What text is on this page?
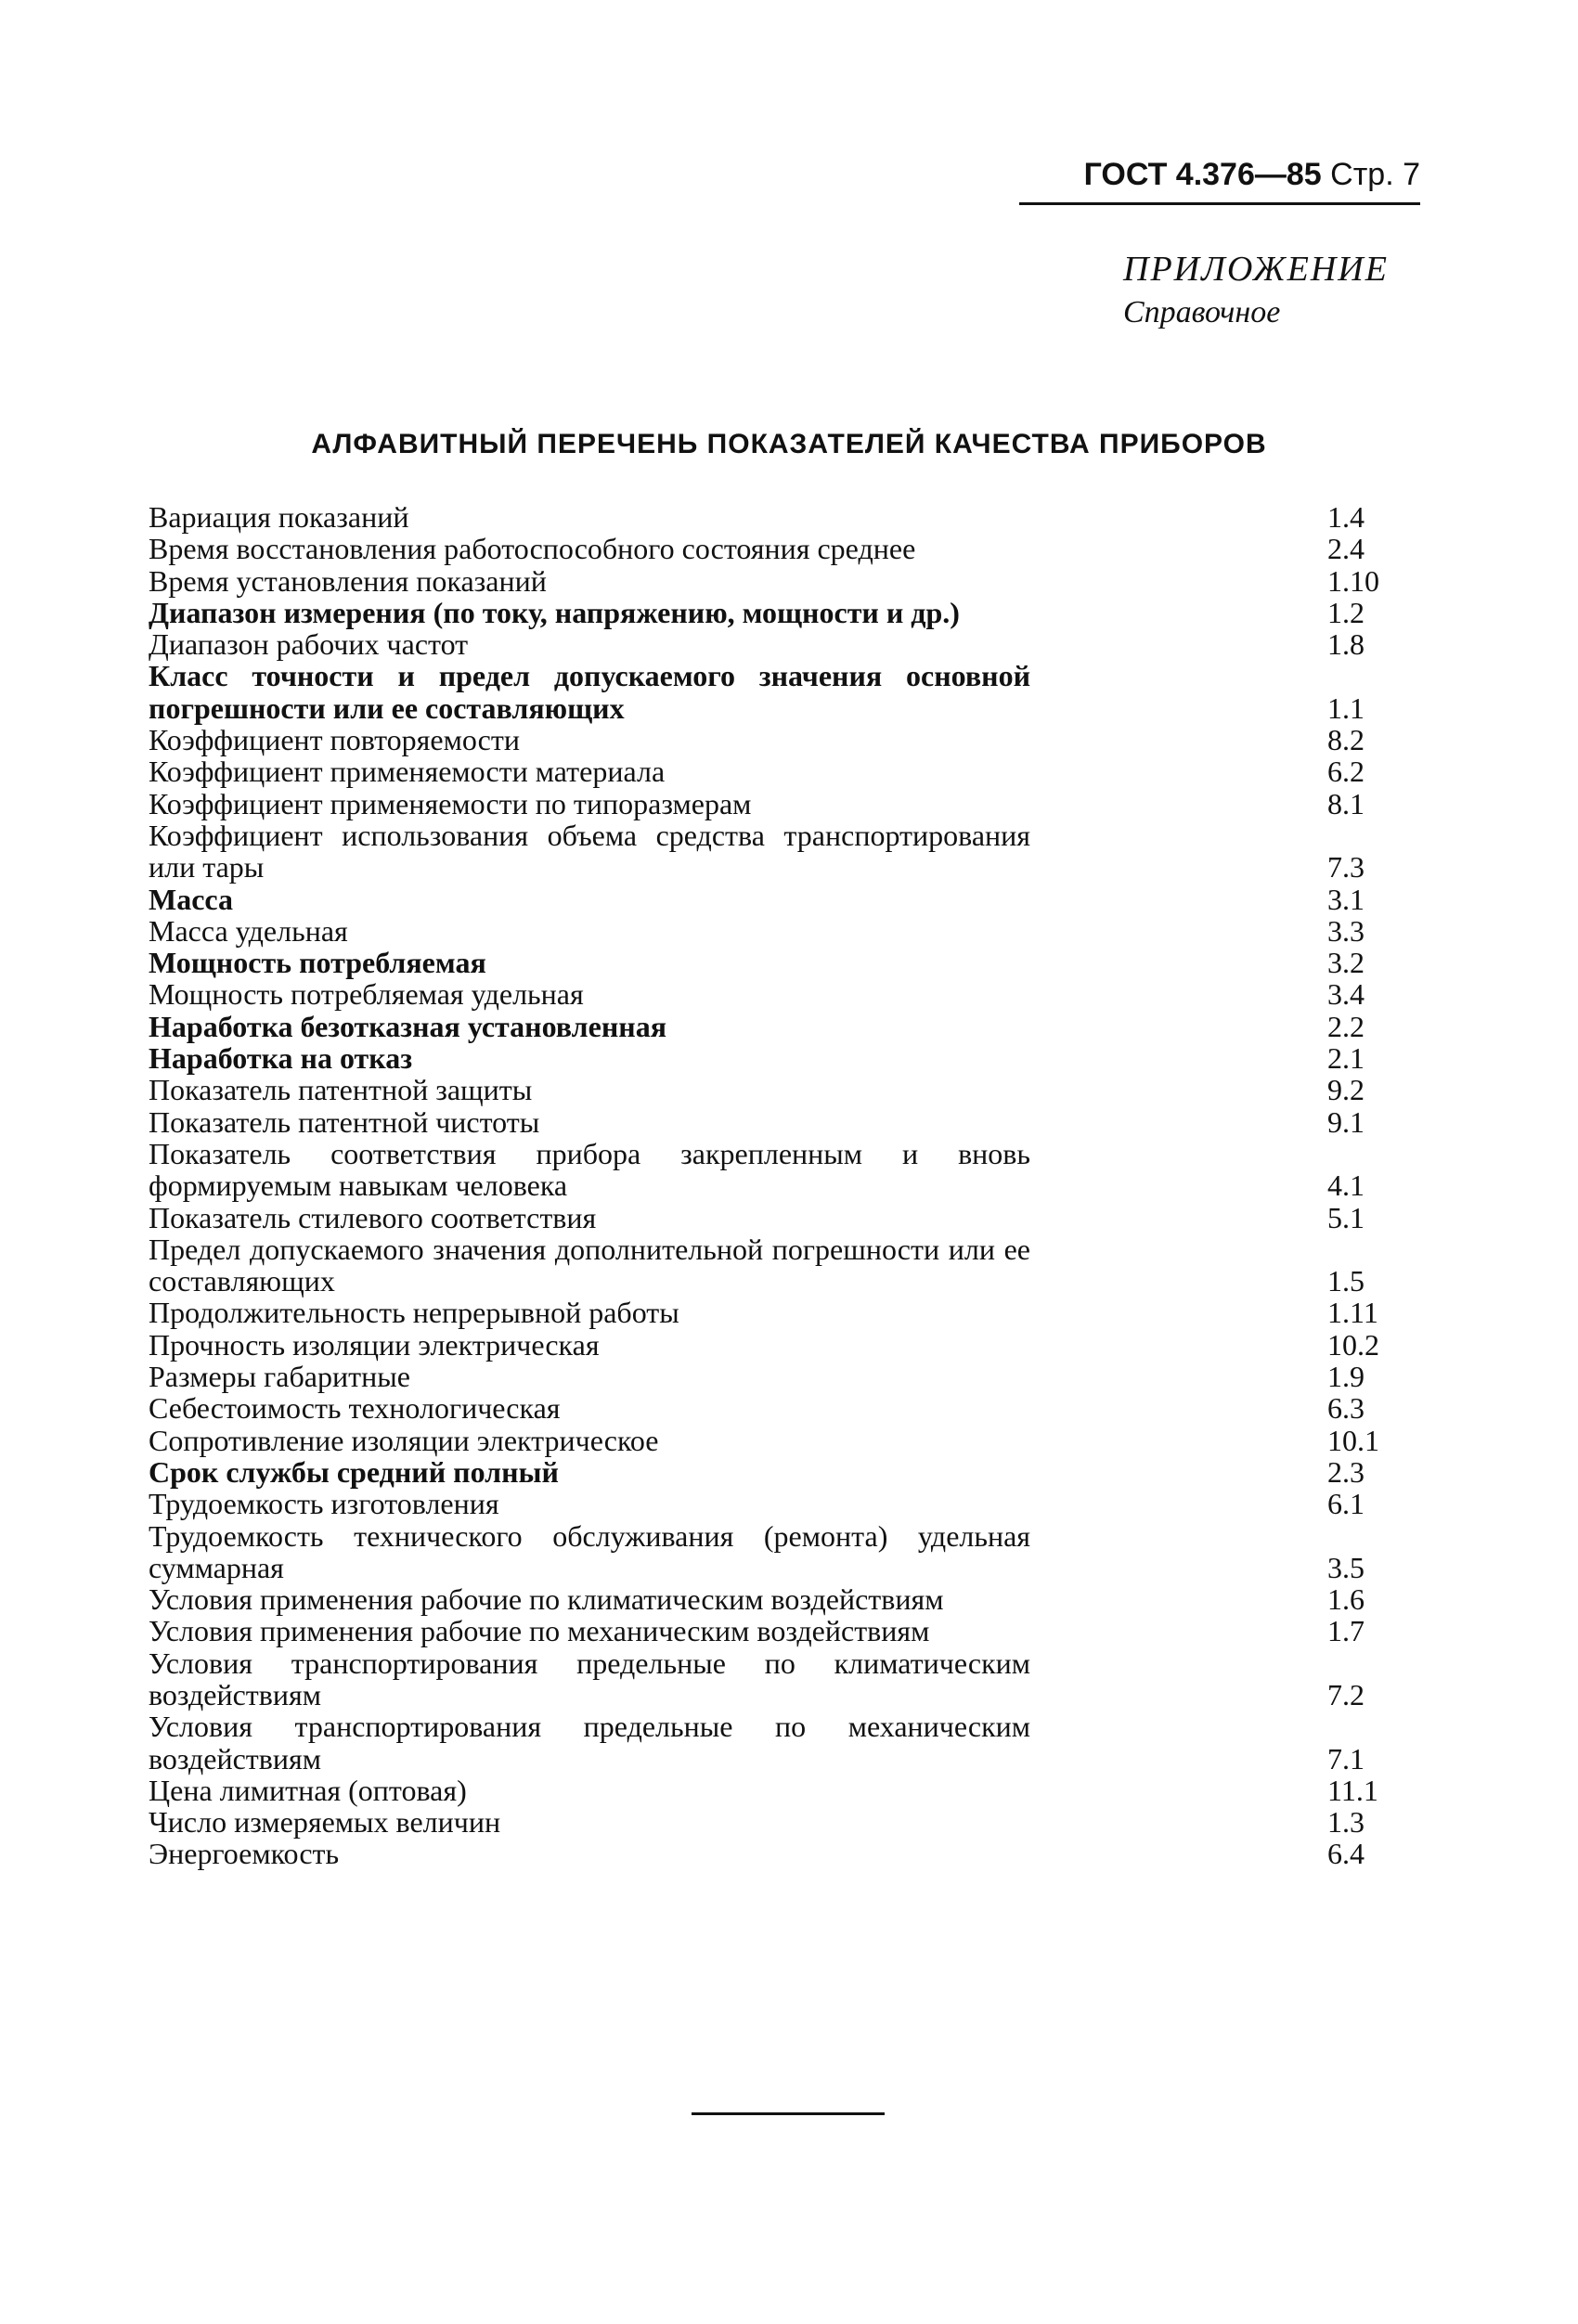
ГОСТ 4.376—85 Стр. 7
ПРИЛОЖЕНИЕ
Справочное
АЛФАВИТНЫЙ ПЕРЕЧЕНЬ ПОКАЗАТЕЛЕЙ КАЧЕСТВА ПРИБОРОВ
Вариация показаний	1.4
Время восстановления работоспособного состояния среднее	2.4
Время установления показаний	1.10
Диапазон измерения (по току, напряжению, мощности и др.)	1.2
Диапазон рабочих частот	1.8
Класс точности и предел допускаемого значения основной погрешности или ее составляющих	1.1
Коэффициент повторяемости	8.2
Коэффициент применяемости материала	6.2
Коэффициент применяемости по типоразмерам	8.1
Коэффициент использования объема средства транспортирования или тары	7.3
Масса	3.1
Масса удельная	3.3
Мощность потребляемая	3.2
Мощность потребляемая удельная	3.4
Наработка безотказная установленная	2.2
Наработка на отказ	2.1
Показатель патентной защиты	9.2
Показатель патентной чистоты	9.1
Показатель соответствия прибора закрепленным и вновь формируемым навыкам человека	4.1
Показатель стилевого соответствия	5.1
Предел допускаемого значения дополнительной погрешности или ее составляющих	1.5
Продолжительность непрерывной работы	1.11
Прочность изоляции электрическая	10.2
Размеры габаритные	1.9
Себестоимость технологическая	6.3
Сопротивление изоляции электрическое	10.1
Срок службы средний полный	2.3
Трудоемкость изготовления	6.1
Трудоемкость технического обслуживания (ремонта) удельная суммарная	3.5
Условия применения рабочие по климатическим воздействиям	1.6
Условия применения рабочие по механическим воздействиям	1.7
Условия транспортирования предельные по климатическим воздействиям	7.2
Условия транспортирования предельные по механическим воздействиям	7.1
Цена лимитная (оптовая)	11.1
Число измеряемых величин	1.3
Энергоемкость	6.4
